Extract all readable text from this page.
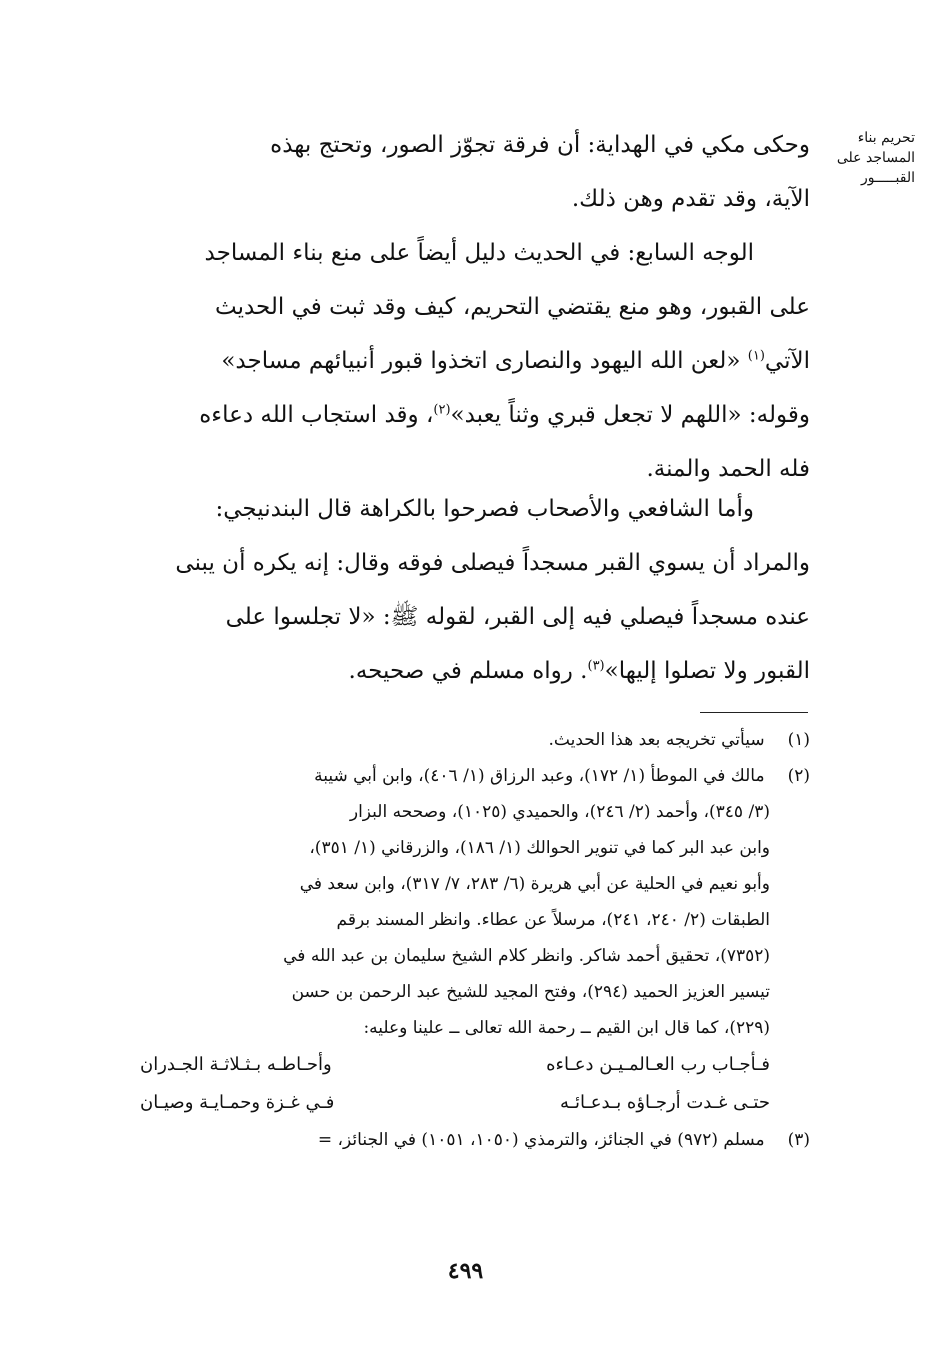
تحريم بناء
المساجد على
القبـــــور
وحكى مكي في الهداية: أن فرقة تجوّز الصور، وتحتج بهذه
الآية، وقد تقدم وهن ذلك.
الوجه السابع: في الحديث دليل أيضاً على منع بناء المساجد
على القبور، وهو منع يقتضي التحريم، كيف وقد ثبت في الحديث
الآتي$^{(١)}$ «لعن الله اليهود والنصارى اتخذوا قبور أنبيائهم مساجد»
وقوله: «اللهم لا تجعل قبري وثناً يعبد»$^{(٢)}$، وقد استجاب الله دعاءه
فله الحمد والمنة.
وأما الشافعي والأصحاب فصرحوا بالكراهة قال البندنيجي:
والمراد أن يسوي القبر مسجداً فيصلى فوقه وقال: إنه يكره أن يبنى
عنده مسجداً فيصلي فيه إلى القبر، لقوله ﷺ: «لا تجلسوا على
القبور ولا تصلوا إليها»$^{(٣)}$. رواه مسلم في صحيحه.
(١) سيأتي تخريجه بعد هذا الحديث.
(٢) مالك في الموطأ (١/ ١٧٢)، وعبد الرزاق (١/ ٤٠٦)، وابن أبي شيبة
(٣/ ٣٤٥)، وأحمد (٢/ ٢٤٦)، والحميدي (١٠٢٥)، وصححه البزار
وابن عبد البر كما في تنوير الحوالك (١/ ١٨٦)، والزرقاني (١/ ٣٥١)،
وأبو نعيم في الحلية عن أبي هريرة (٦/ ٢٨٣، ٧/ ٣١٧)، وابن سعد في
الطبقات (٢/ ٢٤٠، ٢٤١)، مرسلاً عن عطاء. وانظر المسند برقم
(٧٣٥٢)، تحقيق أحمد شاكر. وانظر كلام الشيخ سليمان بن عبد الله في
تيسير العزيز الحميد (٢٩٤)، وفتح المجيد للشيخ عبد الرحمن بن حسن
(٢٢٩)، كما قال ابن القيم ــ رحمة الله تعالى ــ علينا وعليه:
فـأجـاب رب العـالمـيـن دعـاءه
وأحـاطـه بـثـلاثـة الجـدران
حتـى غـدت أرجـاؤه بـدعـائـه
فـي غـزة وحمـايـة وصيـان
(٣) مسلم (٩٧٢) في الجنائز، والترمذي (١٠٥٠، ١٠٥١) في الجنائز، =
٤٩٩
